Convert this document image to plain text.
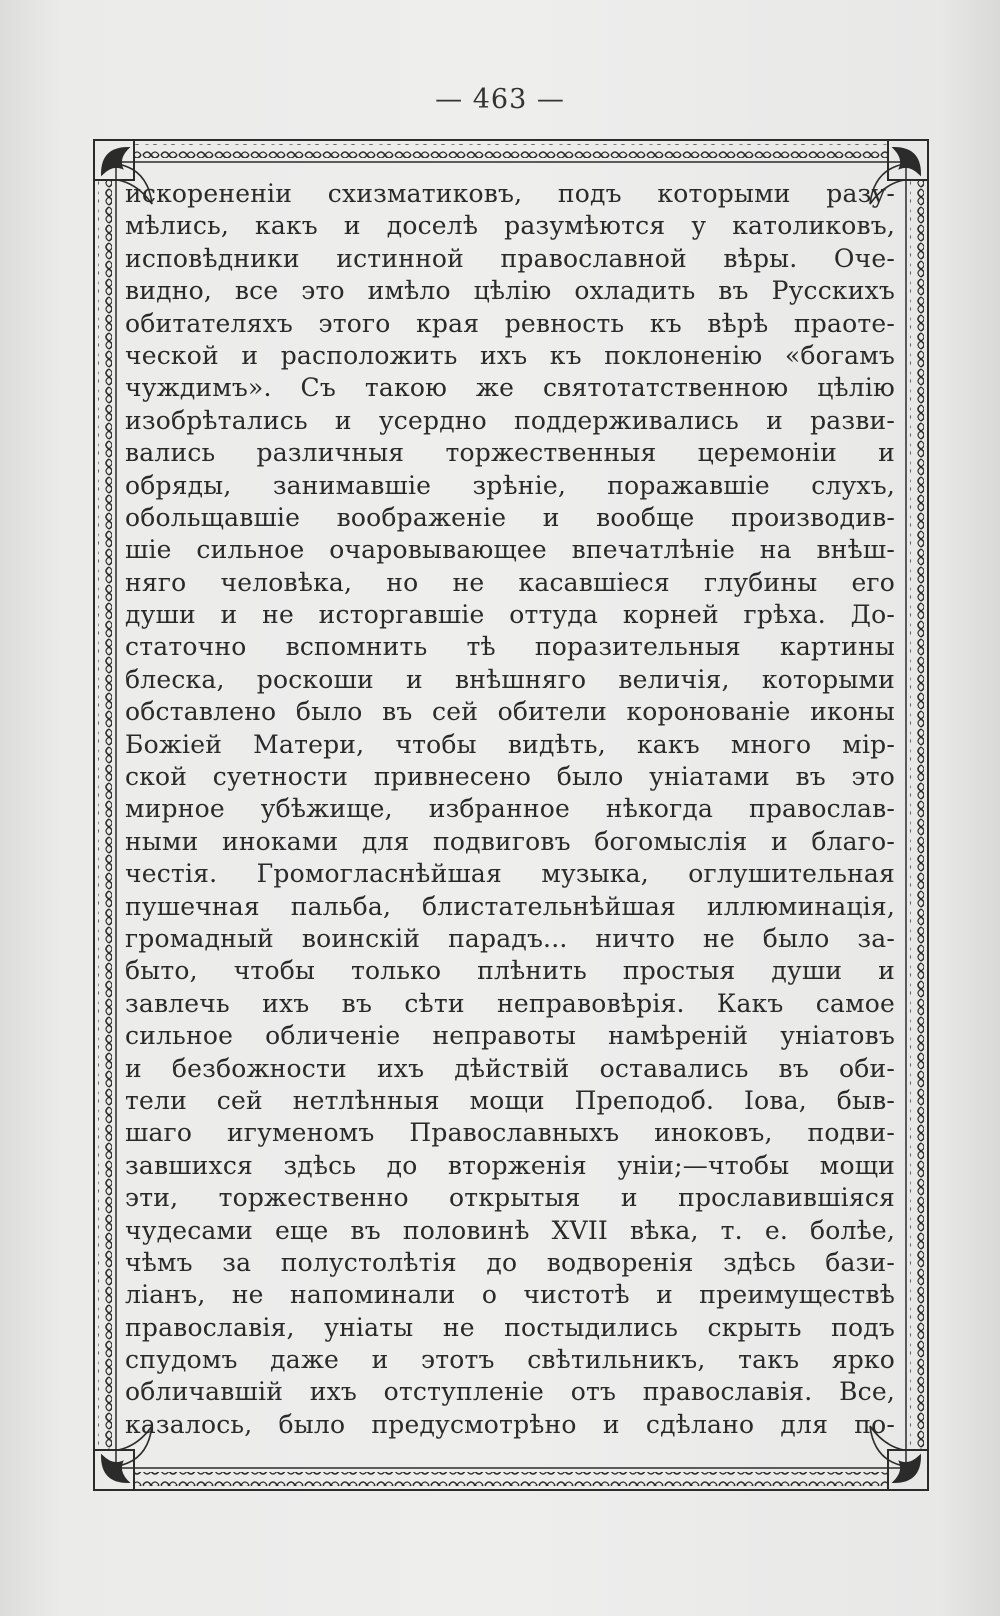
— 463 —
искорененіи схизматиковъ, подъ которыми разу-
мѣлись, какъ и доселѣ разумѣются у католиковъ,
исповѣдники истинной православной вѣры. Оче-
видно, все это имѣло цѣлію охладить въ Русскихъ
обитателяхъ этого края ревность къ вѣрѣ праоте-
ческой и расположить ихъ къ поклоненію «богамъ
чуждимъ». Съ такою же святотатственною цѣлію
изобрѣтались и усердно поддерживались и разви-
вались различныя торжественныя церемоніи и
обряды, занимавшіе зрѣніе, поражавшіе слухъ,
обольщавшіе воображеніе и вообще производив-
шіе сильное очаровывающее впечатлѣніе на внѣш-
няго человѣка, но не касавшіеся глубины его
души и не исторгавшіе оттуда корней грѣха. До-
статочно вспомнить тѣ поразительныя картины
блеска, роскоши и внѣшняго величія, которыми
обставлено было въ сей обители коронованіе иконы
Божіей Матери, чтобы видѣть, какъ много мір-
ской суетности привнесено было уніатами въ это
мирное убѣжище, избранное нѣкогда православ-
ными иноками для подвиговъ богомыслія и благо-
честія. Громогласнѣйшая музыка, оглушительная
пушечная пальба, блистательнѣйшая иллюминація,
громадный воинскій парадъ... ничто не было за-
быто, чтобы только плѣнить простыя души и
завлечь ихъ въ сѣти неправовѣрія. Какъ самое
сильное обличеніе неправоты намѣреній уніатовъ
и безбожности ихъ дѣйствій оставались въ оби-
тели сей нетлѣнныя мощи Преподоб. Іова, быв-
шаго игуменомъ Православныхъ иноковъ, подви-
завшихся здѣсь до вторженія уніи;—чтобы мощи
эти, торжественно открытыя и прославившіяся
чудесами еще въ половинѣ XVII вѣка, т. е. болѣе,
чѣмъ за полустолѣтія до водворенія здѣсь бази-
ліанъ, не напоминали о чистотѣ и преимуществѣ
православія, уніаты не постыдились скрыть подъ
спудомъ даже и этотъ свѣтильникъ, такъ ярко
обличавшій ихъ отступленіе отъ православія. Все,
казалось, было предусмотрѣно и сдѣлано для по-
